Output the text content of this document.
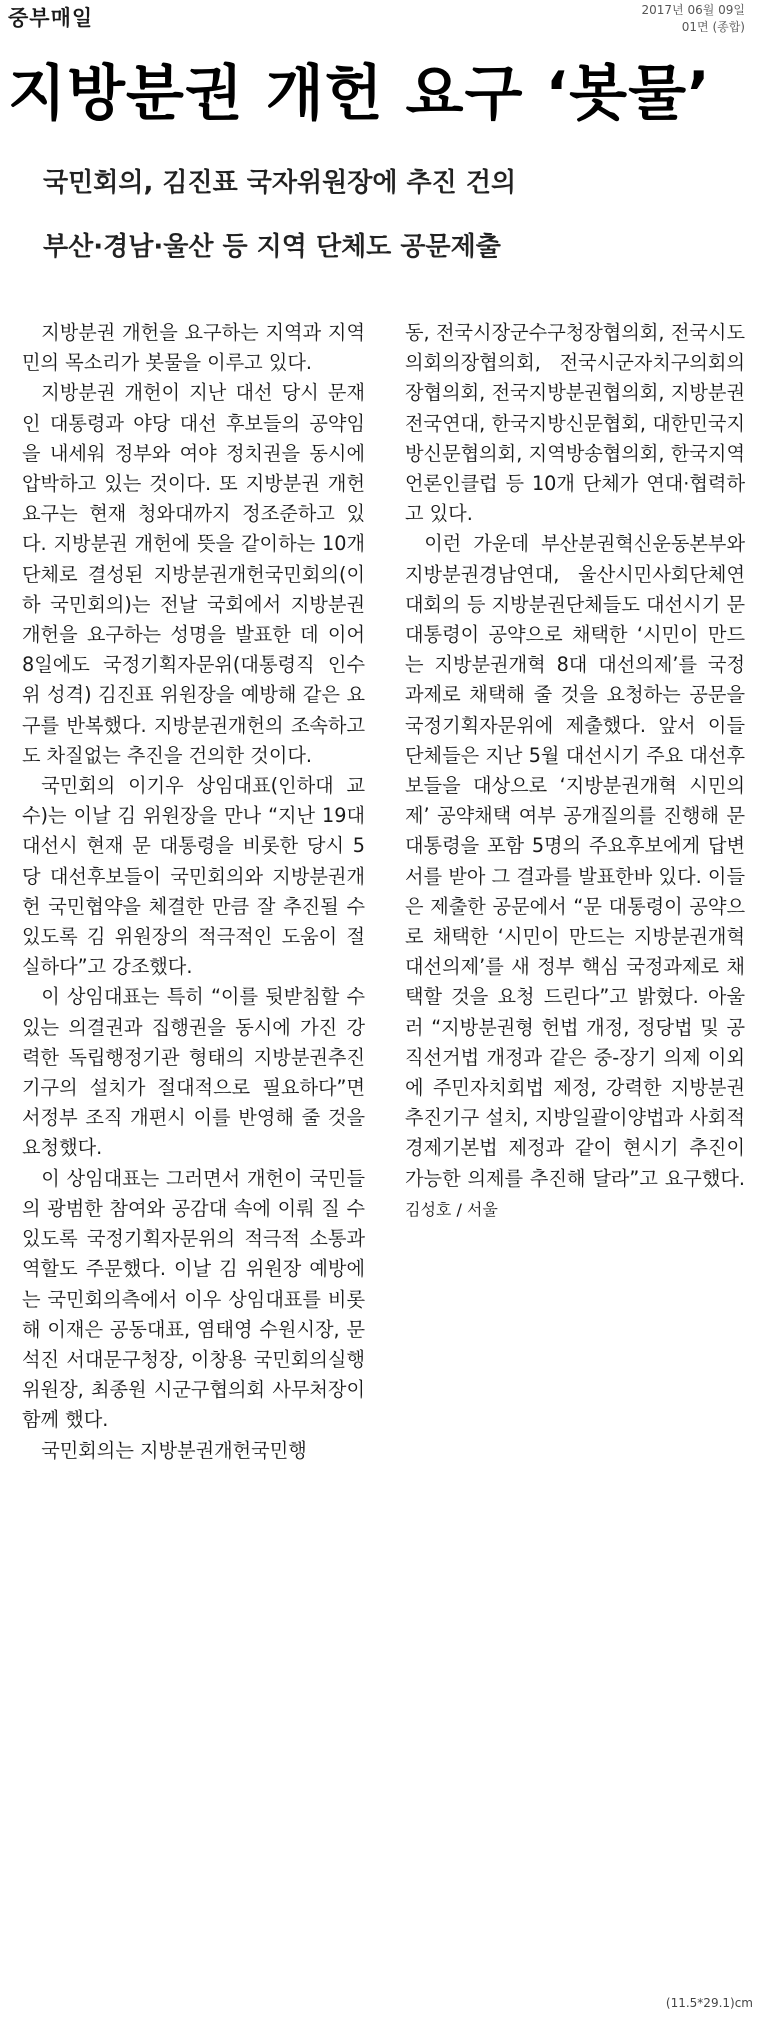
중부매일	2017년 06월 09일
01면 (종합)
지방분권 개헌 요구 ‘봇물’
국민회의, 김진표 국자위원장에 추진 건의
부산·경남·울산 등 지역 단체도 공문제출

지방분권 개헌을 요구하는 지역과 지역민의 목소리가 봇물을 이루고 있다.

지방분권 개헌이 지난 대선 당시 문재인 대통령과 야당 대선 후보들의 공약임을 내세워 정부와 여야 정치권을 동시에 압박하고 있는 것이다. 또 지방분권 개헌 요구는 현재 청와대까지 정조준하고 있다. 지방분권 개헌에 뜻을 같이하는 10개 단체로 결성된 지방분권개헌국민회의(이하 국민회의)는 전날 국회에서 지방분권 개헌을 요구하는 성명을 발표한 데 이어 8일에도 국정기획자문위(대통령직 인수위 성격) 김진표 위원장을 예방해 같은 요구를 반복했다. 지방분권개헌의 조속하고도 차질없는 추진을 건의한 것이다.

국민회의 이기우 상임대표(인하대 교수)는 이날 김 위원장을 만나 “지난 19대 대선시 현재 문 대통령을 비롯한 당시 5당 대선후보들이 국민회의와 지방분권개헌 국민협약을 체결한 만큼 잘 추진될 수 있도록 김 위원장의 적극적인 도움이 절실하다”고 강조했다.

이 상임대표는 특히 “이를 뒷받침할 수 있는 의결권과 집행권을 동시에 가진 강력한 독립행정기관 형태의 지방분권추진기구의 설치가 절대적으로 필요하다”면서정부 조직 개편시 이를 반영해 줄 것을 요청했다.

이 상임대표는 그러면서 개헌이 국민들의 광범한 참여와 공감대 속에 이뤄 질 수 있도록 국정기획자문위의 적극적 소통과 역할도 주문했다. 이날 김 위원장 예방에는 국민회의측에서 이우 상임대표를 비롯해 이재은 공동대표, 염태영 수원시장, 문석진 서대문구청장, 이창용 국민회의실행위원장, 최종원 시군구협의회 사무처장이 함께 했다.

국민회의는 지방분권개헌국민행

동, 전국시장군수구청장협의회, 전국시도의회의장협의회, 전국시군자치구의회의장협의회, 전국지방분권협의회, 지방분권전국연대, 한국지방신문협회, 대한민국지방신문협의회, 지역방송협의회, 한국지역언론인클럽 등 10개 단체가 연대·협력하고 있다.

이런 가운데 부산분권혁신운동본부와 지방분권경남연대, 울산시민사회단체연대회의 등 지방분권단체들도 대선시기 문 대통령이 공약으로 채택한 ‘시민이 만드는 지방분권개혁 8대 대선의제’를 국정 과제로 채택해 줄 것을 요청하는 공문을 국정기획자문위에 제출했다. 앞서 이들 단체들은 지난 5월 대선시기 주요 대선후보들을 대상으로 ‘지방분권개혁 시민의제’ 공약채택 여부 공개질의를 진행해 문 대통령을 포함 5명의 주요후보에게 답변서를 받아 그 결과를 발표한바 있다. 이들은 제출한 공문에서 “문 대통령이 공약으로 채택한 ‘시민이 만드는 지방분권개혁 대선의제’를 새 정부 핵심 국정과제로 채택할 것을 요청 드린다”고 밝혔다. 아울러 “지방분권형 헌법 개정, 정당법 및 공직선거법 개정과 같은 중-장기 의제 이외에 주민자치회법 제정, 강력한 지방분권 추진기구 설치, 지방일괄이양법과 사회적경제기본법 제정과 같이 현시기 추진이 가능한 의제를 추진해 달라”고 요구했다. 김성호 / 서울

(11.5*29.1)cm
